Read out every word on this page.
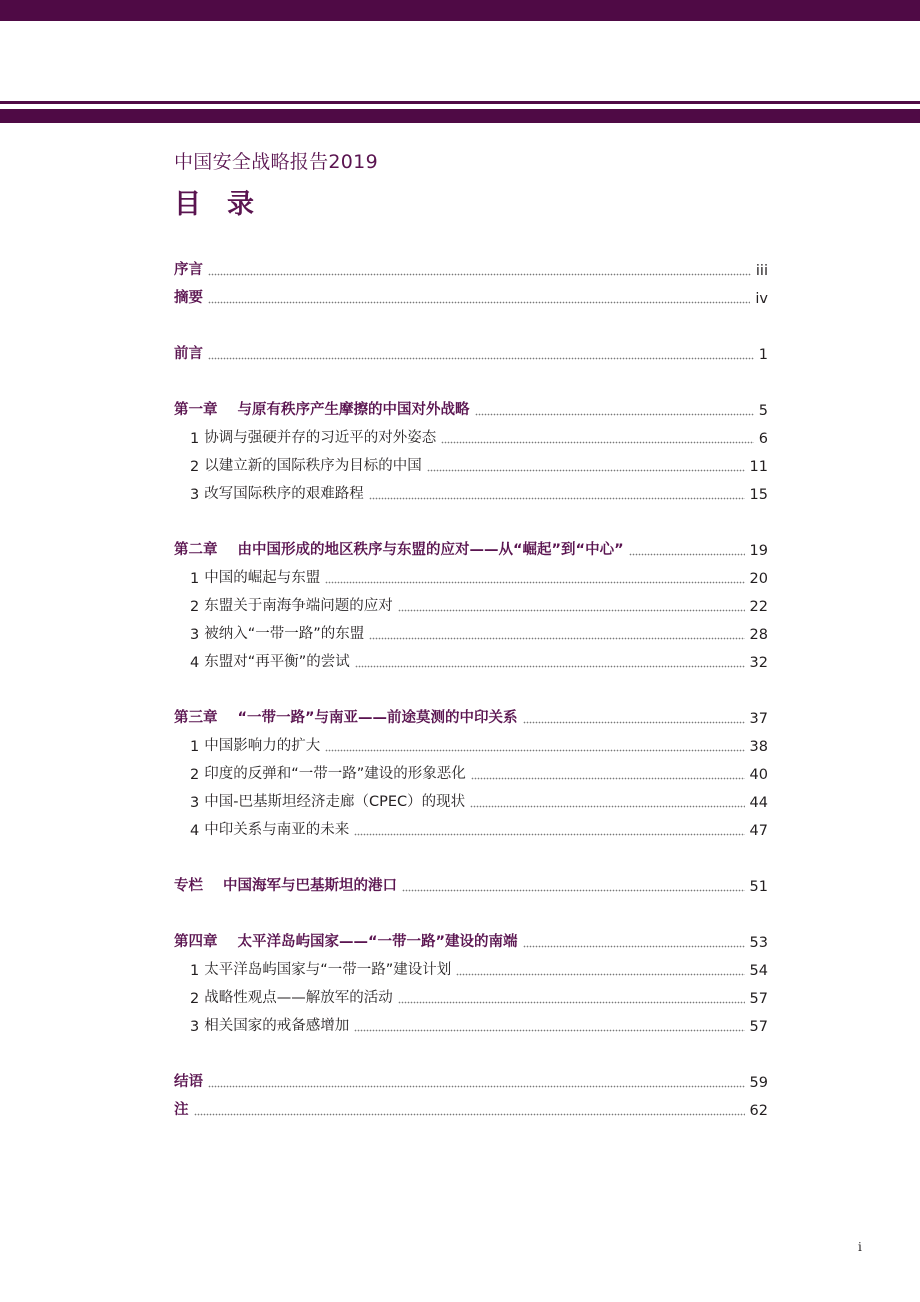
中国安全战略报告2019
目录
序言	iii
摘要	iv
前言	1
第一章 与原有秩序产生摩擦的中国对外战略	5
1 协调与强硬并存的习近平的对外姿态	6
2 以建立新的国际秩序为目标的中国	11
3 改写国际秩序的艰难路程	15
第二章 由中国形成的地区秩序与东盟的应对——从“崛起”到“中心”	19
1 中国的崛起与东盟	20
2 东盟关于南海争端问题的应对	22
3 被纳入“一带一路”的东盟	28
4 东盟对“再平衡”的尝试	32
第三章 “一带一路”与南亚——前途莫测的中印关系	37
1 中国影响力的扩大	38
2 印度的反弹和“一带一路”建设的形象恶化	40
3 中国-巴基斯坦经济走廊（CPEC）的现状	44
4 中印关系与南亚的未来	47
专栏 中国海军与巴基斯坦的港口	51
第四章 太平洋岛屿国家——“一带一路”建设的南端	53
1 太平洋岛屿国家与“一带一路”建设计划	54
2 战略性观点——解放军的活动	57
3 相关国家的戒备感增加	57
结语	59
注	62
i
